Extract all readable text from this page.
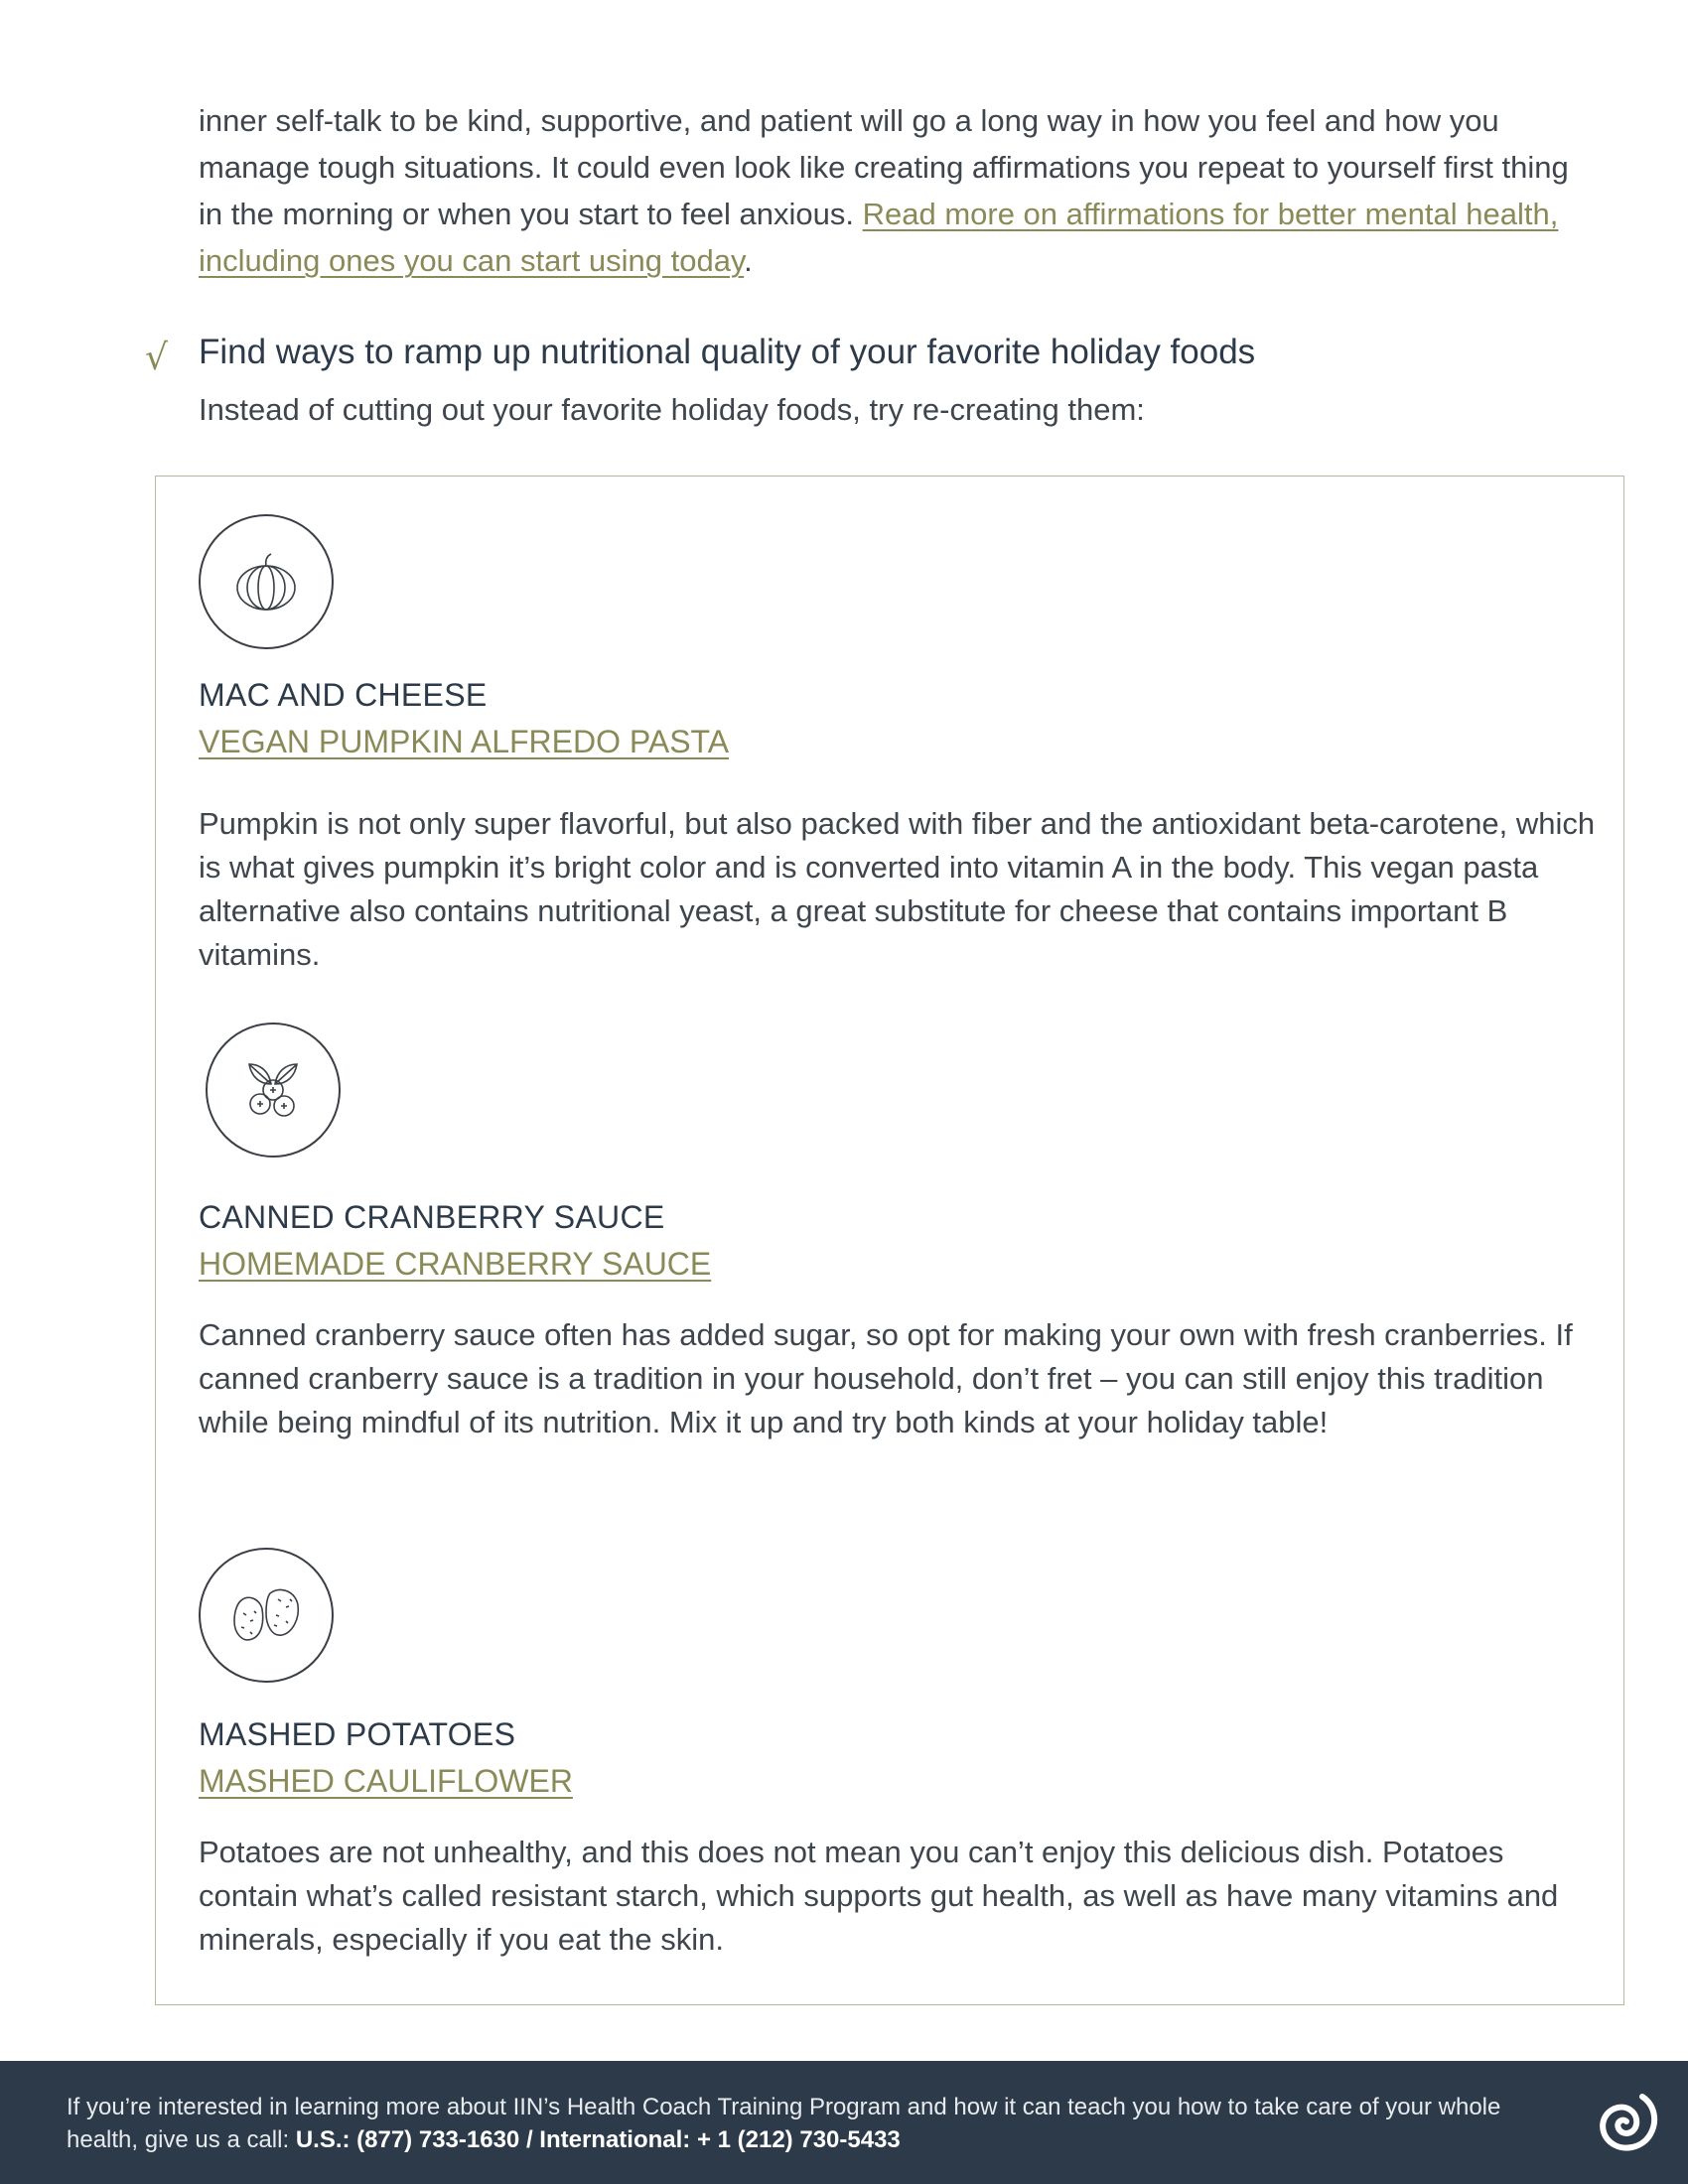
inner self-talk to be kind, supportive, and patient will go a long way in how you feel and how you manage tough situations. It could even look like creating affirmations you repeat to yourself first thing in the morning or when you start to feel anxious. Read more on affirmations for better mental health, including ones you can start using today.

√ Find ways to ramp up nutritional quality of your favorite holiday foods

Instead of cutting out your favorite holiday foods, try re-creating them:

MAC AND CHEESE
VEGAN PUMPKIN ALFREDO PASTA

Pumpkin is not only super flavorful, but also packed with fiber and the antioxidant beta-carotene, which is what gives pumpkin it’s bright color and is converted into vitamin A in the body. This vegan pasta alternative also contains nutritional yeast, a great substitute for cheese that contains important B vitamins.

CANNED CRANBERRY SAUCE
HOMEMADE CRANBERRY SAUCE

Canned cranberry sauce often has added sugar, so opt for making your own with fresh cranberries. If canned cranberry sauce is a tradition in your household, don’t fret – you can still enjoy this tradition while being mindful of its nutrition. Mix it up and try both kinds at your holiday table!

MASHED POTATOES
MASHED CAULIFLOWER

Potatoes are not unhealthy, and this does not mean you can’t enjoy this delicious dish. Potatoes contain what’s called resistant starch, which supports gut health, as well as have many vitamins and minerals, especially if you eat the skin.

If you’re interested in learning more about IIN’s Health Coach Training Program and how it can teach you how to take care of your whole health, give us a call: U.S.: (877) 733-1630 / International: + 1 (212) 730-5433
